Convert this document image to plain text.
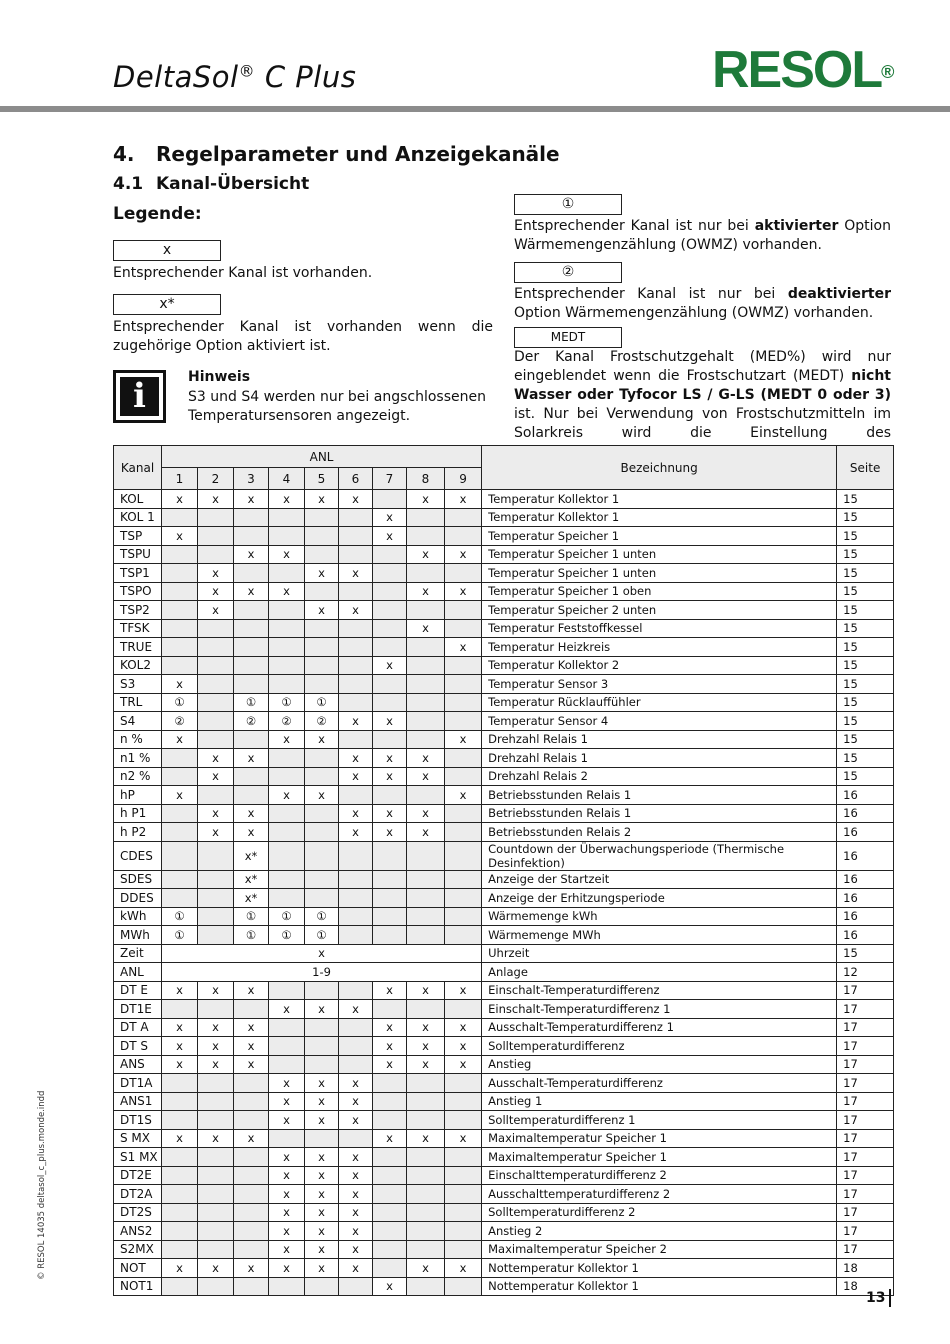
DeltaSol® C Plus	RESOL®
4. Regelparameter und Anzeigekanäle
4.1 Kanal-Übersicht
Legende:
x
Entsprechender Kanal ist vorhanden.
x*
Entsprechender Kanal ist vorhanden wenn die zugehörige Option aktiviert ist.
i	Hinweis
S3 und S4 werden nur bei angschlossenen Temperatursensoren angezeigt.
①
Entsprechender Kanal ist nur bei aktivierter Option Wärmemengenzählung (OWMZ) vorhanden.
②
Entsprechender Kanal ist nur bei deaktivierter Option Wärmemengenzählung (OWMZ) vorhanden.
MEDT
Der Kanal Frostschutzgehalt (MED%) wird nur eingeblendet wenn die Frostschutzart (MEDT) nicht Wasser oder Tyfocor LS / G-LS (MEDT 0 oder 3) ist. Nur bei Verwendung von Frostschutzmitteln im Solarkreis wird die Einstellung des
Kanal	ANL									Bezeichnung	Seite
	1	2	3	4	5	6	7	8	9		
KOL	x	x	x	x	x	x		x	x	Temperatur Kollektor 1	15
KOL 1							x			Temperatur Kollektor 1	15
TSP	x						x			Temperatur Speicher 1	15
TSPU			x	x				x	x	Temperatur Speicher 1 unten	15
TSP1		x			x	x				Temperatur Speicher 1 unten	15
TSPO		x	x	x				x	x	Temperatur Speicher 1 oben	15
TSP2		x			x	x				Temperatur Speicher 2 unten	15
TFSK								x		Temperatur Feststoffkessel	15
TRUE									x	Temperatur Heizkreis	15
KOL2							x			Temperatur Kollektor 2	15
S3	x									Temperatur Sensor 3	15
TRL	①		①	①	①					Temperatur Rücklauffühler	15
S4	②		②	②	②	x	x			Temperatur Sensor 4	15
n %	x			x	x				x	Drehzahl Relais 1	15
n1 %		x	x			x	x	x		Drehzahl Relais 1	15
n2 %		x				x	x	x		Drehzahl Relais 2	15
hP	x			x	x				x	Betriebsstunden Relais 1	16
h P1		x	x			x	x	x		Betriebsstunden Relais 1	16
h P2		x	x			x	x	x		Betriebsstunden Relais 2	16
CDES			x*							Countdown der Überwachungsperiode (Thermische Desinfektion)	16
SDES			x*							Anzeige der Startzeit	16
DDES			x*							Anzeige der Erhitzungsperiode	16
kWh	①		①	①	①					Wärmemenge kWh	16
MWh	①		①	①	①					Wärmemenge MWh	16
Zeit	x									Uhrzeit	15
ANL	1-9									Anlage	12
DT E	x	x	x				x	x	x	Einschalt-Temperaturdifferenz	17
DT1E				x	x	x				Einschalt-Temperaturdifferenz 1	17
DT A	x	x	x				x	x	x	Ausschalt-Temperaturdifferenz 1	17
DT S	x	x	x				x	x	x	Solltemperaturdifferenz	17
ANS	x	x	x				x	x	x	Anstieg	17
DT1A				x	x	x				Ausschalt-Temperaturdifferenz	17
ANS1				x	x	x				Anstieg 1	17
DT1S				x	x	x				Solltemperaturdifferenz 1	17
S MX	x	x	x				x	x	x	Maximaltemperatur Speicher 1	17
S1 MX				x	x	x				Maximaltemperatur Speicher 1	17
DT2E				x	x	x				Einschalttemperaturdifferenz 2	17
DT2A				x	x	x				Ausschalttemperaturdifferenz 2	17
DT2S				x	x	x				Solltemperaturdifferenz 2	17
ANS2				x	x	x				Anstieg 2	17
S2MX				x	x	x				Maximaltemperatur Speicher 2	17
NOT	x	x	x	x	x	x		x	x	Nottemperatur Kollektor 1	18
NOT1							x			Nottemperatur Kollektor 1	18
13
© RESOL 14035 deltasol_c_plus.monde.indd
